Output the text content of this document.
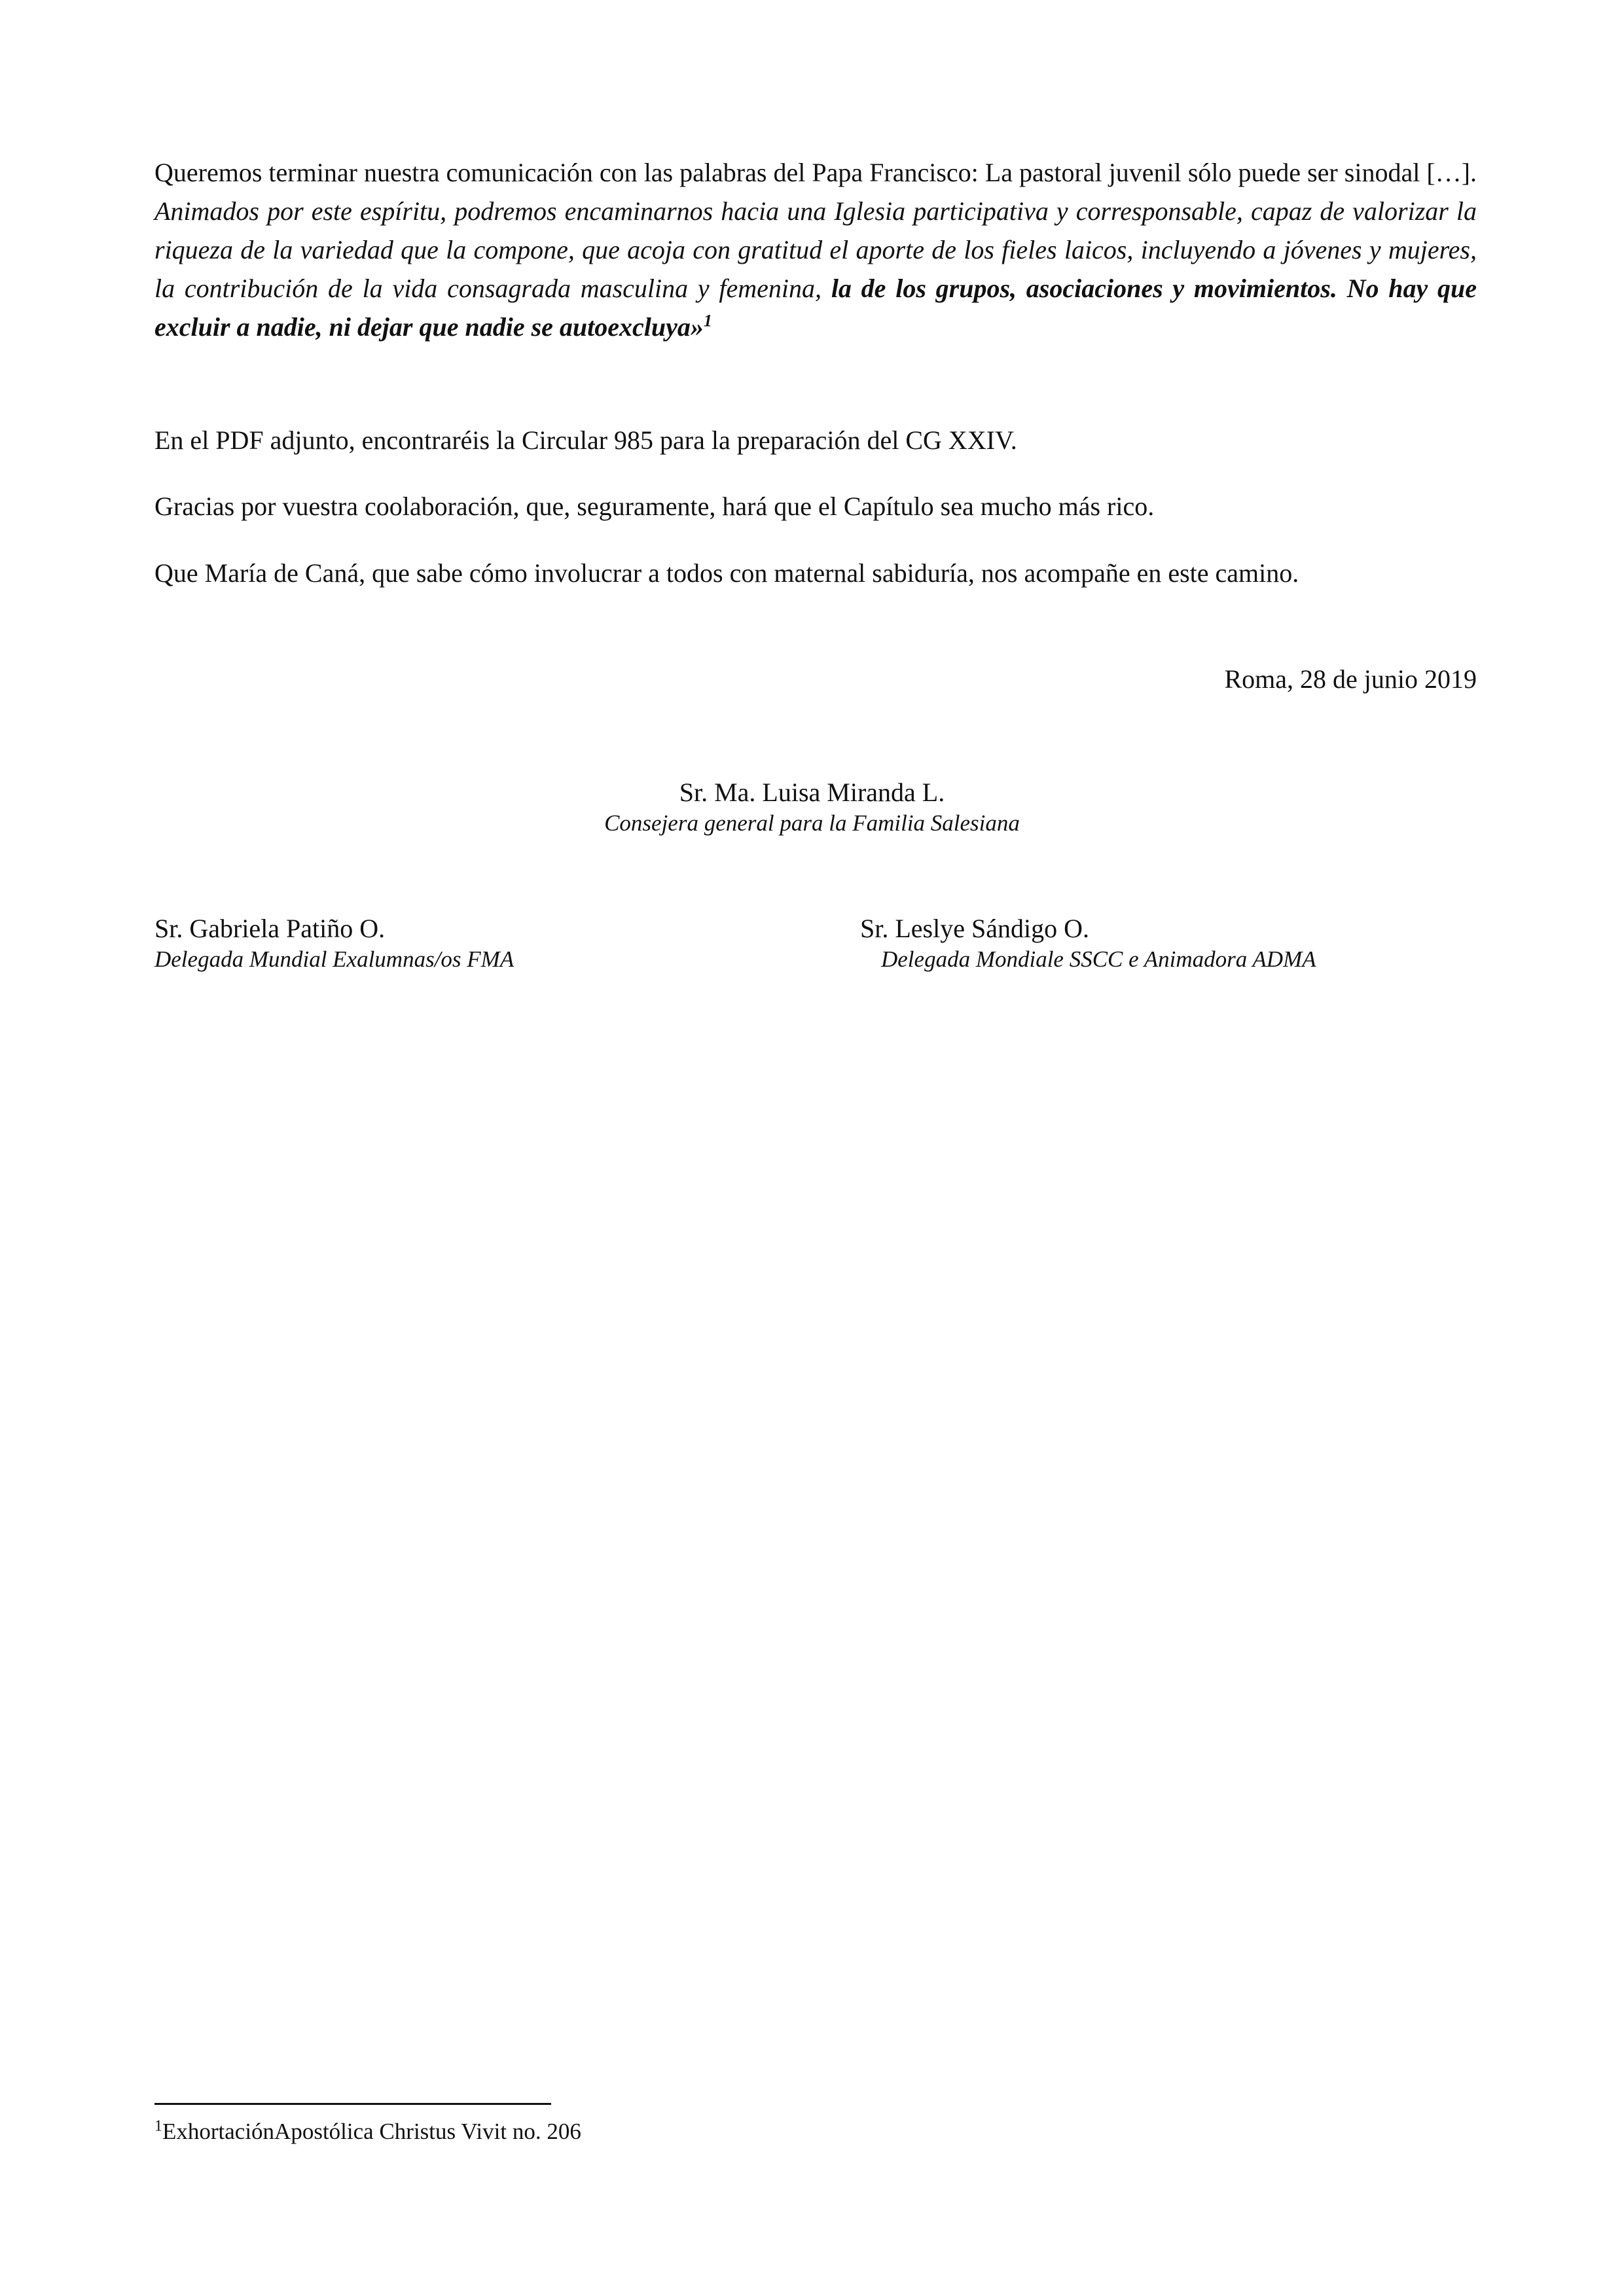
Queremos terminar nuestra comunicación con las palabras del Papa Francisco: La pastoral juvenil sólo puede ser sinodal […]. Animados por este espíritu, podremos encaminarnos hacia una Iglesia participativa y corresponsable, capaz de valorizar la riqueza de la variedad que la compone, que acoja con gratitud el aporte de los fieles laicos, incluyendo a jóvenes y mujeres, la contribución de la vida consagrada masculina y femenina, la de los grupos, asociaciones y movimientos. No hay que excluir a nadie, ni dejar que nadie se autoexcluya»$^1$

En el PDF adjunto, encontraréis la Circular 985 para la preparación del CG XXIV.

Gracias por vuestra coolaboración, que, seguramente, hará que el Capítulo sea mucho más rico.

Que María de Caná, que sabe cómo involucrar a todos con maternal sabiduría, nos acompañe en este camino.

Roma, 28 de junio 2019
Sr. Ma. Luisa Miranda L.
Consejera general para la Familia Salesiana
Sr. Gabriela Patiño O.
Delegada Mundial Exalumnas/os FMA
Sr. Leslye Sándigo O.
Delegada Mondiale SSCC e Animadora ADMA
$^1$ExhortaciónApostólica Christus Vivit no. 206
